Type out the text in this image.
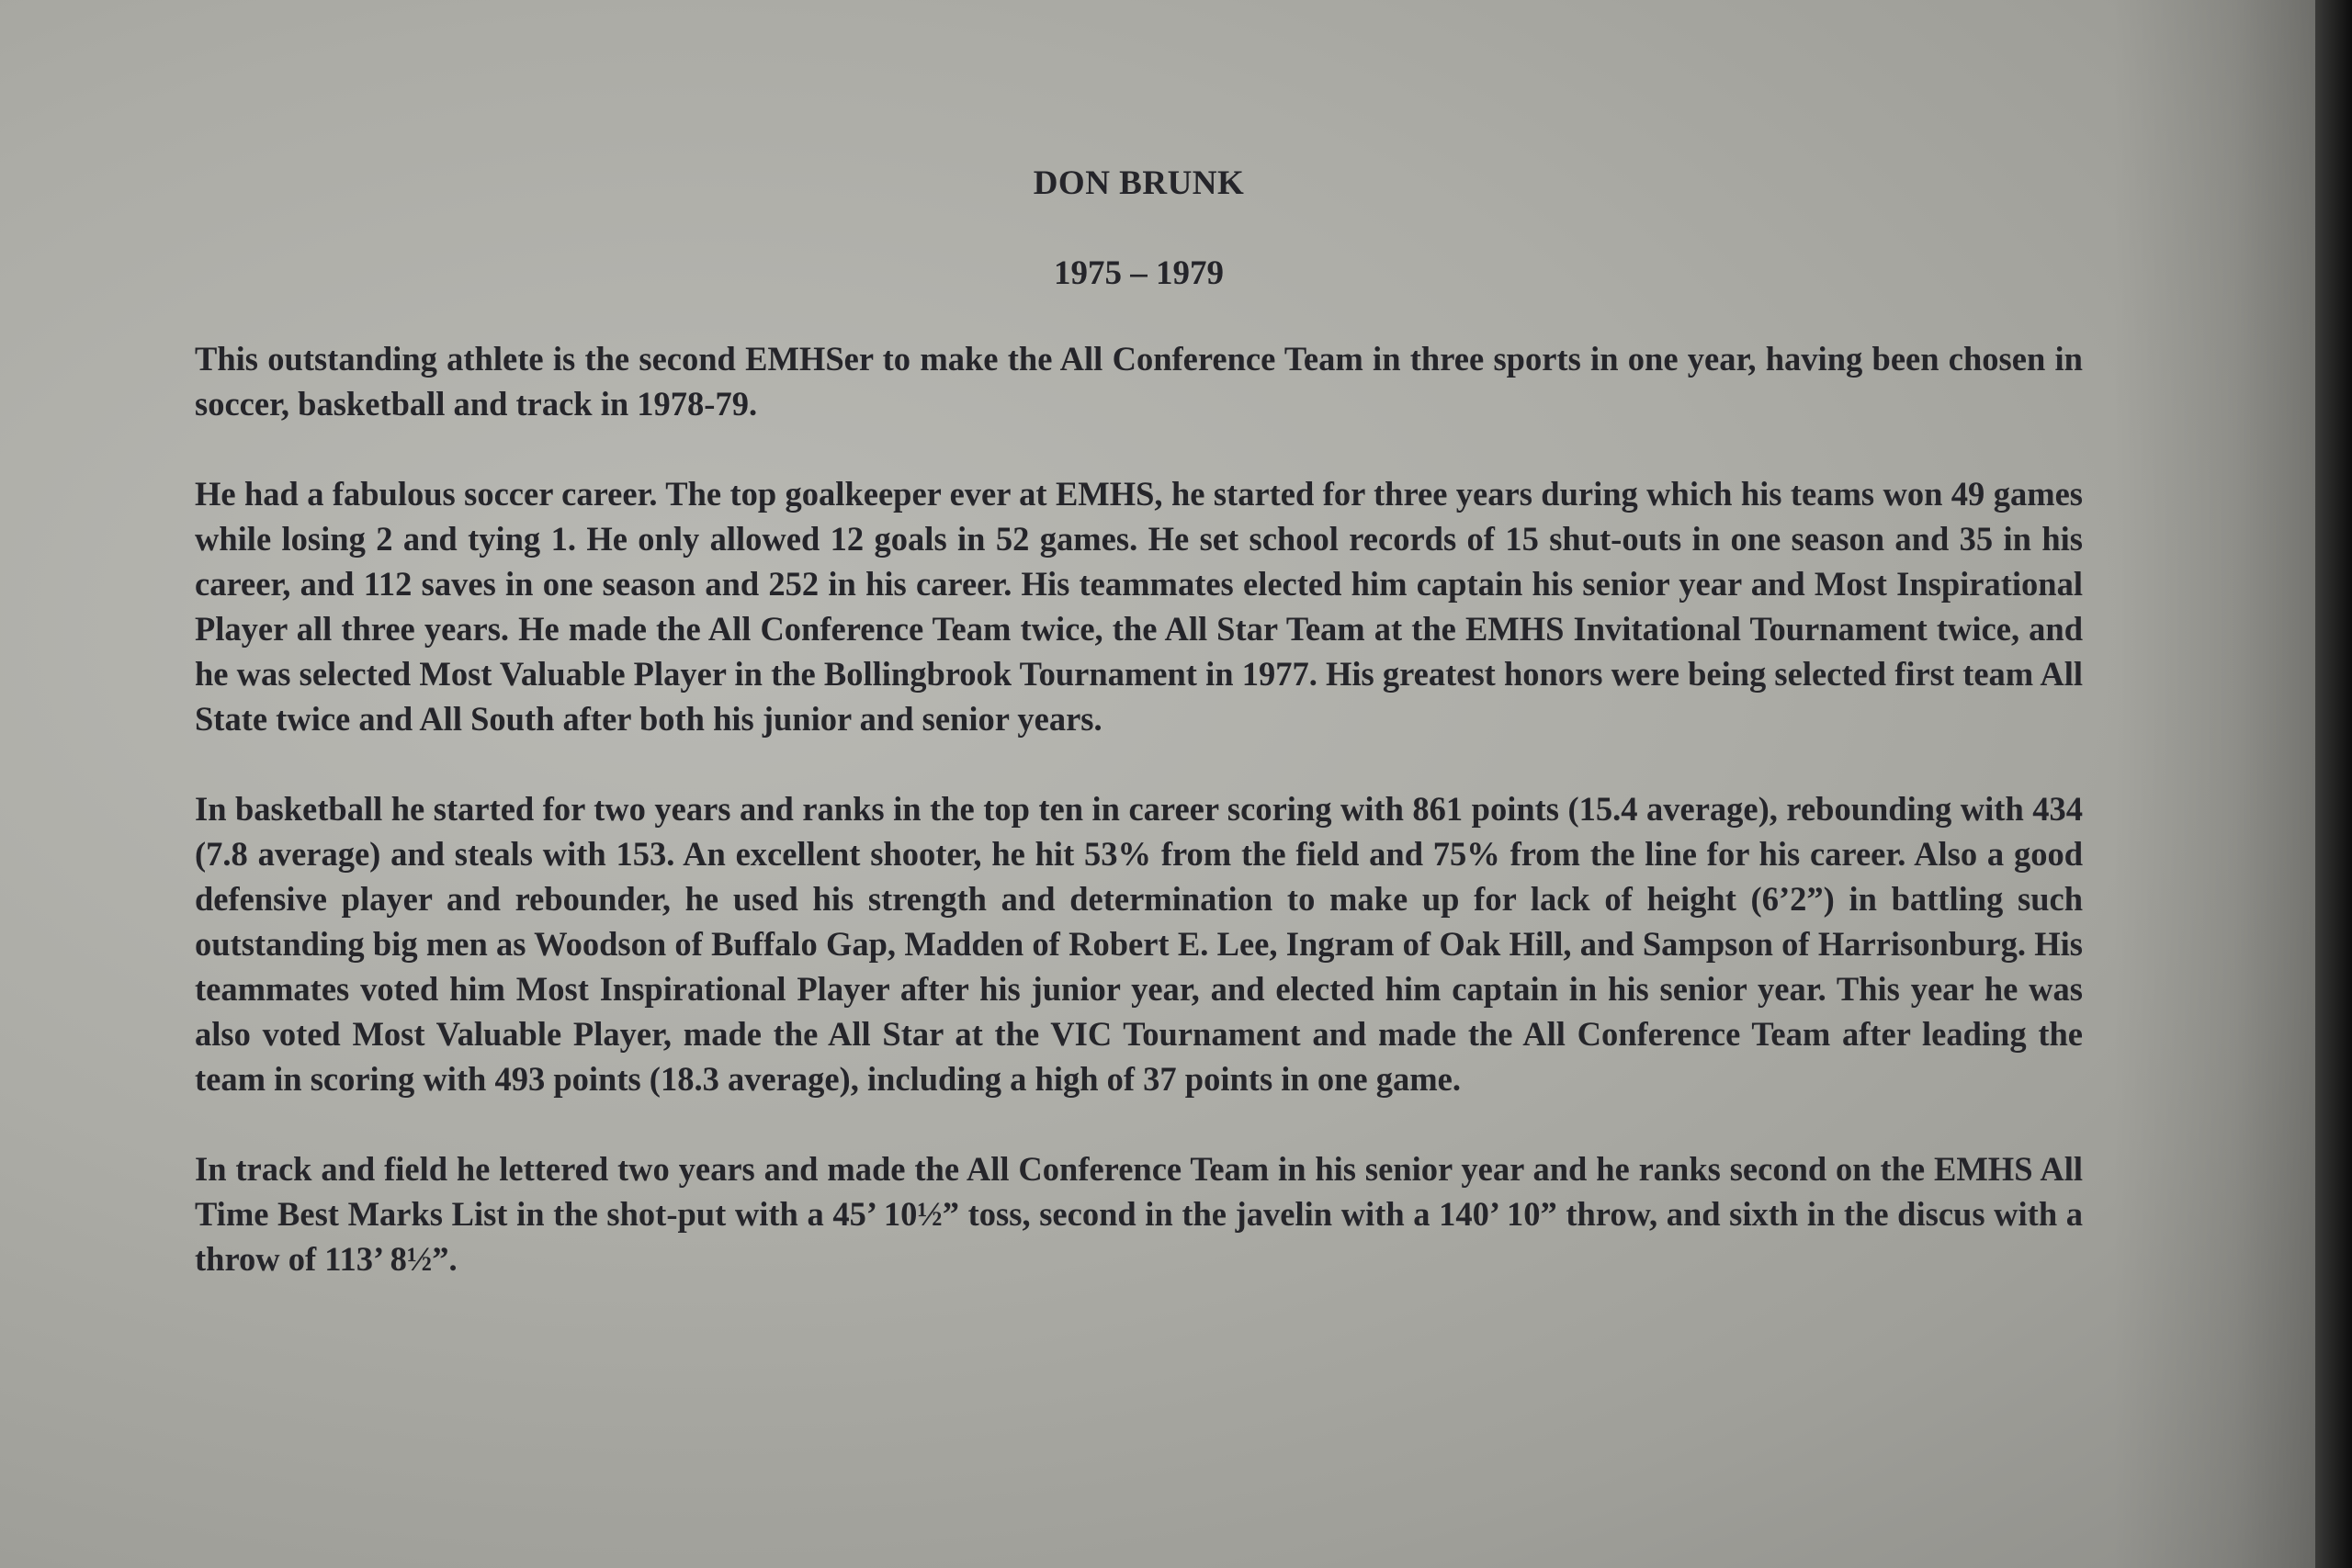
DON BRUNK

1975 – 1979

This outstanding athlete is the second EMHSer to make the All Conference Team in three sports in one year, having been chosen in soccer, basketball and track in 1978-79.

He had a fabulous soccer career. The top goalkeeper ever at EMHS, he started for three years during which his teams won 49 games while losing 2 and tying 1. He only allowed 12 goals in 52 games. He set school records of 15 shut-outs in one season and 35 in his career, and 112 saves in one season and 252 in his career. His teammates elected him captain his senior year and Most Inspirational Player all three years. He made the All Conference Team twice, the All Star Team at the EMHS Invitational Tournament twice, and he was selected Most Valuable Player in the Bollingbrook Tournament in 1977. His greatest honors were being selected first team All State twice and All South after both his junior and senior years.

In basketball he started for two years and ranks in the top ten in career scoring with 861 points (15.4 average), rebounding with 434 (7.8 average) and steals with 153. An excellent shooter, he hit 53% from the field and 75% from the line for his career. Also a good defensive player and rebounder, he used his strength and determination to make up for lack of height (6’2”) in battling such outstanding big men as Woodson of Buffalo Gap, Madden of Robert E. Lee, Ingram of Oak Hill, and Sampson of Harrisonburg. His teammates voted him Most Inspirational Player after his junior year, and elected him captain in his senior year. This year he was also voted Most Valuable Player, made the All Star at the VIC Tournament and made the All Conference Team after leading the team in scoring with 493 points (18.3 average), including a high of 37 points in one game.

In track and field he lettered two years and made the All Conference Team in his senior year and he ranks second on the EMHS All Time Best Marks List in the shot-put with a 45’ 10½” toss, second in the javelin with a 140’ 10” throw, and sixth in the discus with a throw of 113’ 8½”.
